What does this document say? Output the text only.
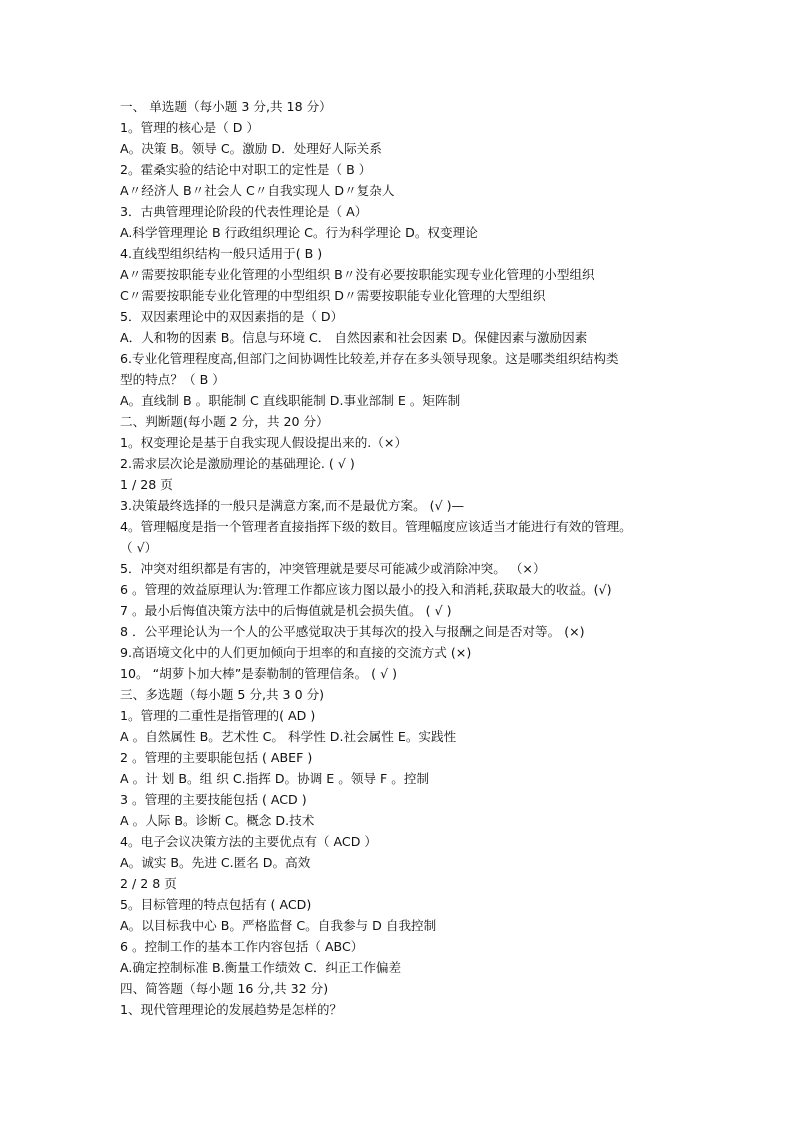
一、 单选题（每小题 3 分,共 18 分）
1。管理的核心是（ D ）
A。决策 B。领导 C。激励 D．处理好人际关系
2。霍桑实验的结论中对职工的定性是（ B ）
A〃经济人 B〃社会人 C〃自我实现人 D〃复杂人
3．古典管理理论阶段的代表性理论是（ A）
A.科学管理理论 B 行政组织理论 C。行为科学理论 D。权变理论
4.直线型组织结构一般只适用于( B )
A〃需要按职能专业化管理的小型组织 B〃没有必要按职能实现专业化管理的小型组织
C〃需要按职能专业化管理的中型组织 D〃需要按职能专业化管理的大型组织
5．双因素理论中的双因素指的是（ D）
A．人和物的因素 B。信息与环境 C． 自然因素和社会因素 D。保健因素与激励因素
6.专业化管理程度高,但部门之间协调性比较差,并存在多头领导现象。这是哪类组织结构类
型的特点？（ B ）
A。直线制 B 。职能制 C 直线职能制 D.事业部制 E 。矩阵制
二、判断题(每小题 2 分，共 20 分）
1。权变理论是基于自我实现人假设提出来的.（×）
2.需求层次论是激励理论的基础理论. ( √ )
1 / 28 页
3.决策最终选择的一般只是满意方案,而不是最优方案。 (√ )—
4。管理幅度是指一个管理者直接指挥下级的数目。管理幅度应该适当才能进行有效的管理。
（ √）
5．冲突对组织都是有害的，冲突管理就是要尽可能减少或消除冲突。 （×）
6 。管理的效益原理认为:管理工作都应该力图以最小的投入和消耗,获取最大的收益。(√)
7 。最小后悔值决策方法中的后悔值就是机会损失值。 ( √ )
8 ．公平理论认为一个人的公平感觉取决于其每次的投入与报酬之间是否对等。 (×)
9.高语境文化中的人们更加倾向于坦率的和直接的交流方式 (×)
10。 “胡萝卜加大棒”是泰勒制的管理信条。 ( √ )
三、多选题（每小题 5 分,共 3 0 分)
1。管理的二重性是指管理的( AD )
A 。自然属性 B。艺术性 C。 科学性 D.社会属性 E。实践性
2 。管理的主要职能包括 ( ABEF )
A 。计 划 B。组 织 C.指挥 D。协调 E 。领导 F 。控制
3 。管理的主要技能包括 ( ACD )
A 。人际 B。诊断 C。概念 D.技术
4。电子会议决策方法的主要优点有（ ACD ）
A。诚实 B。先进 C.匿名 D。高效
2 / 2 8 页
5。目标管理的特点包括有 ( ACD)
A。以目标我中心 B。严格监督 C。自我参与 D 自我控制
6 。控制工作的基本工作内容包括（ ABC）
A.确定控制标准 B.衡量工作绩效 C．纠正工作偏差
四、简答题（每小题 16 分,共 32 分)
1、现代管理理论的发展趋势是怎样的？
